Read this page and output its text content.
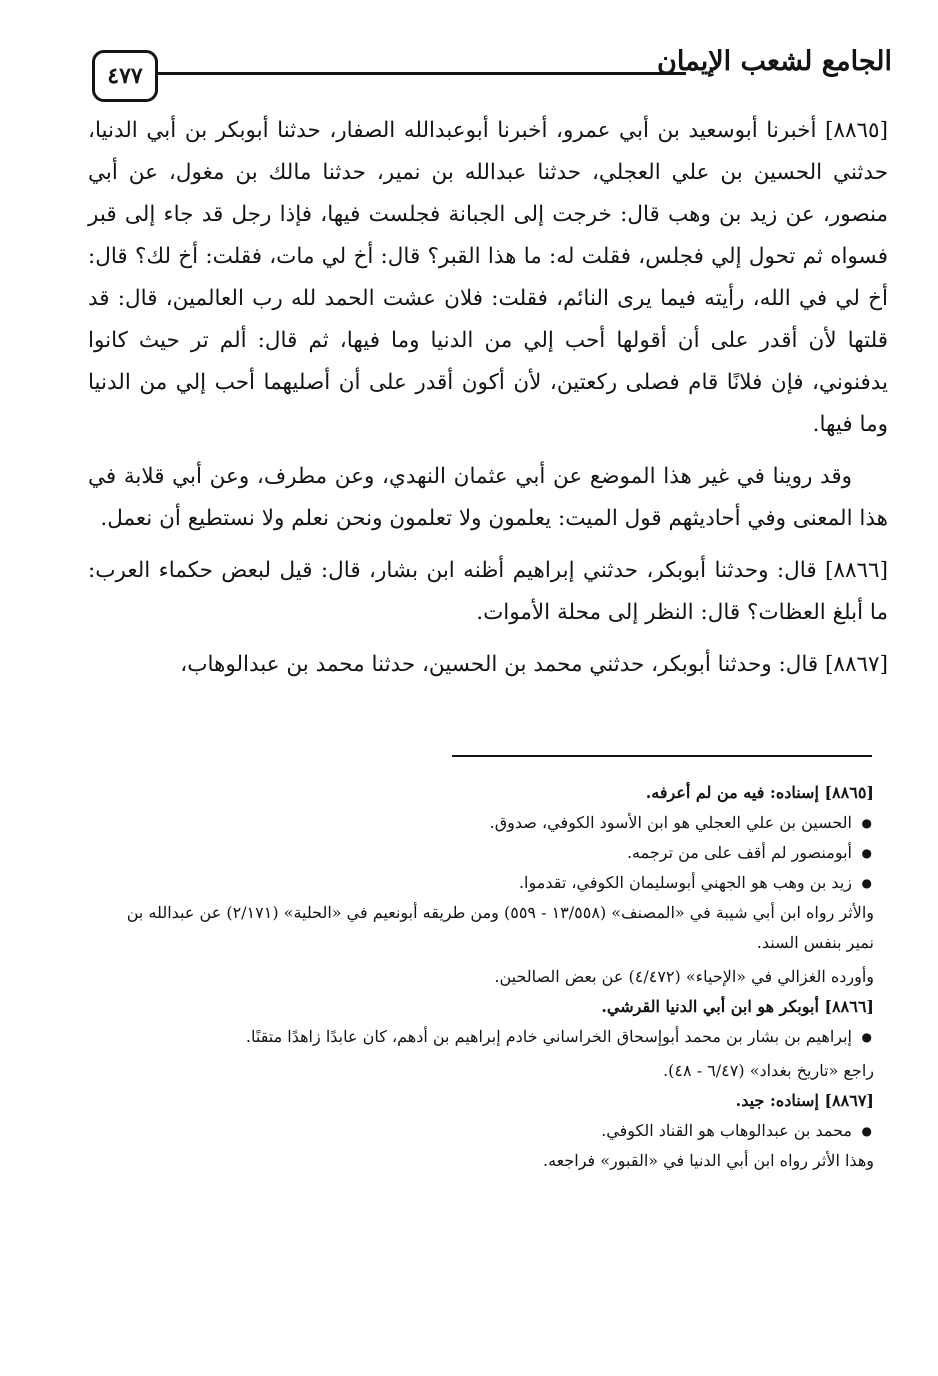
٤٧٧	الجامع لشعب الإيمان

[٨٨٦٥] أخبرنا أبوسعيد بن أبي عمرو، أخبرنا أبوعبدالله الصفار، حدثنا أبوبكر بن أبي الدنيا، حدثني الحسين بن علي العجلي، حدثنا عبدالله بن نمير، حدثنا مالك بن مغول، عن أبي منصور، عن زيد بن وهب قال: خرجت إلى الجبانة فجلست فيها، فإذا رجل قد جاء إلى قبر فسواه ثم تحول إلي فجلس، فقلت له: ما هذا القبر؟ قال: أخ لي مات، فقلت: أخ لك؟ قال: أخ لي في الله، رأيته فيما يرى النائم، فقلت: فلان عشت الحمد لله رب العالمين، قال: قد قلتها لأن أقدر على أن أقولها أحب إلي من الدنيا وما فيها، ثم قال: ألم تر حيث كانوا يدفنوني، فإن فلانًا قام فصلى ركعتين، لأن أكون أقدر على أن أصليهما أحب إلي من الدنيا وما فيها.

وقد روينا في غير هذا الموضع عن أبي عثمان النهدي، وعن مطرف، وعن أبي قلابة في هذا المعنى وفي أحاديثهم قول الميت: يعلمون ولا تعلمون ونحن نعلم ولا نستطيع أن نعمل.

[٨٨٦٦] قال: وحدثنا أبوبكر، حدثني إبراهيم أظنه ابن بشار، قال: قيل لبعض حكماء العرب: ما أبلغ العظات؟ قال: النظر إلى محلة الأموات.

[٨٨٦٧] قال: وحدثنا أبوبكر، حدثني محمد بن الحسين، حدثنا محمد بن عبدالوهاب،

[٨٨٦٥] إسناده: فيه من لم أعرفه.

● الحسين بن علي العجلي هو ابن الأسود الكوفي، صدوق.

● أبومنصور لم أقف على من ترجمه.

● زيد بن وهب هو الجهني أبوسليمان الكوفي، تقدموا.

والأثر رواه ابن أبي شيبة في «المصنف» (١٣/٥٥٨ - ٥٥٩) ومن طريقه أبونعيم في «الحلية» (٢/١٧١) عن عبدالله بن نمير بنفس السند.

وأورده الغزالي في «الإحياء» (٤/٤٧٢) عن بعض الصالحين.

[٨٨٦٦] أبوبكر هو ابن أبي الدنيا القرشي.

● إبراهيم بن بشار بن محمد أبوإسحاق الخراساني خادم إبراهيم بن أدهم، كان عابدًا زاهدًا متقنًا.

راجع «تاريخ بغداد» (٦/٤٧ - ٤٨).

[٨٨٦٧] إسناده: جيد.

● محمد بن عبدالوهاب هو القناد الكوفي.

وهذا الأثر رواه ابن أبي الدنيا في «القبور» فراجعه.
